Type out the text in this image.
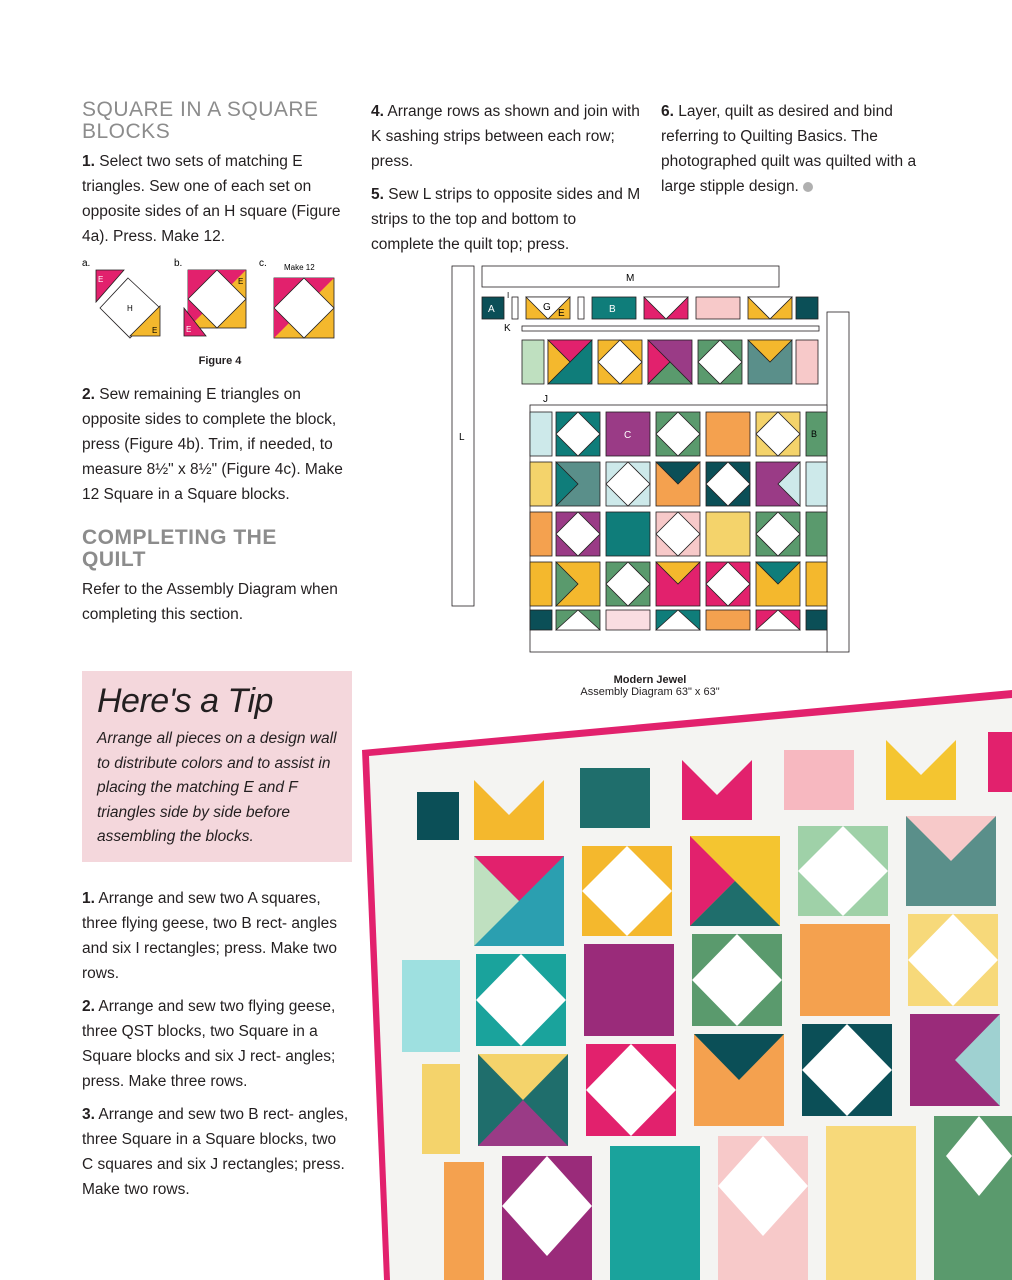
SQUARE IN A SQUARE BLOCKS

1. Select two sets of matching E triangles. Sew one of each set on opposite sides of an H square (Figure 4a). Press. Make 12.

a.	b.	c. Make 12
E
H
E
E
E
Figure 4

2. Sew remaining E triangles on opposite sides to complete the block, press (Figure 4b). Trim, if needed, to measure 8½" x 8½" (Figure 4c). Make 12 Square in a Square blocks.

COMPLETING THE QUILT

Refer to the Assembly Diagram when completing this section.

Here's a Tip
Arrange all pieces on a design wall to distribute colors and to assist in placing the matching E and F triangles side by side before assembling the blocks.

1. Arrange and sew two A squares, three flying geese, two B rect- angles and six I rectangles; press. Make two rows.

2. Arrange and sew two flying geese, three QST blocks, two Square in a Square blocks and six J rect- angles; press. Make three rows.

3. Arrange and sew two B rect- angles, three Square in a Square blocks, two C squares and six J rectangles; press. Make two rows.

4. Arrange rows as shown and join with K sashing strips between each row; press.

5. Sew L strips to opposite sides and M strips to the top and bottom to complete the quilt top; press.

6. Layer, quilt as desired and bind referring to Quilting Basics. The photographed quilt was quilted with a large stipple design.

M
L
A
I
G
E	B
K
J
C	B
Modern Jewel
Assembly Diagram 63" x 63"
